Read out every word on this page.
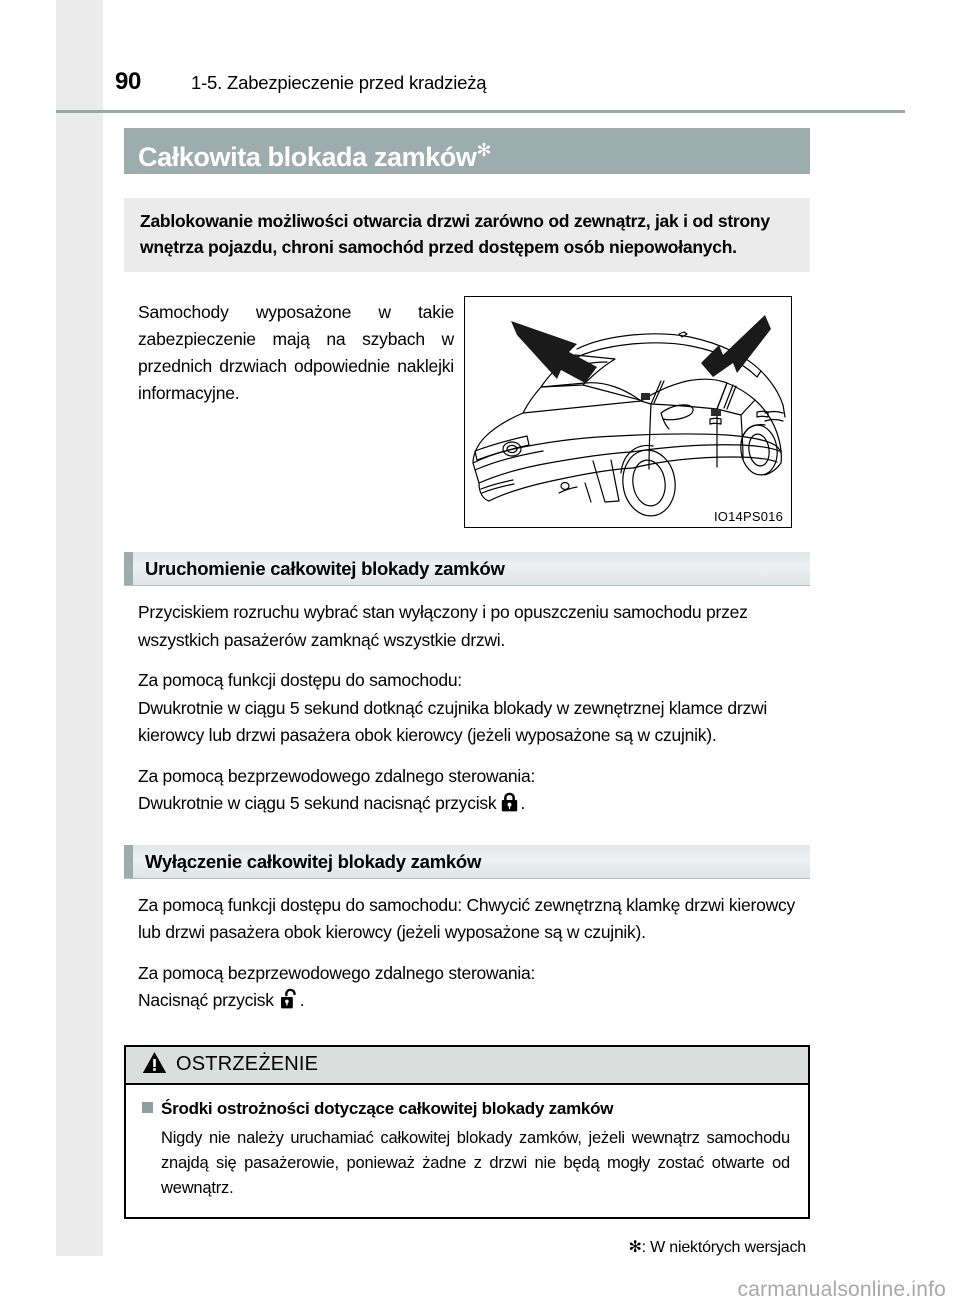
90	1-5. Zabezpieczenie przed kradzieżą
Całkowita blokada zamków✻
Zablokowanie możliwości otwarcia drzwi zarówno od zewnątrz, jak i od strony wnętrza pojazdu, chroni samochód przed dostępem osób niepowołanych.
Samochody wyposażone w takie zabezpieczenie mają na szybach w przednich drzwiach odpowiednie naklejki informacyjne.
IO14PS016
Uruchomienie całkowitej blokady zamków
Przyciskiem rozruchu wybrać stan wyłączony i po opuszczeniu samochodu przez wszystkich pasażerów zamknąć wszystkie drzwi.
Za pomocą funkcji dostępu do samochodu:
Dwukrotnie w ciągu 5 sekund dotknąć czujnika blokady w zewnętrznej klamce drzwi kierowcy lub drzwi pasażera obok kierowcy (jeżeli wyposażone są w czujnik).
Za pomocą bezprzewodowego zdalnego sterowania:
Dwukrotnie w ciągu 5 sekund nacisnąć przycisk .
Wyłączenie całkowitej blokady zamków
Za pomocą funkcji dostępu do samochodu: Chwycić zewnętrzną klamkę drzwi kierowcy lub drzwi pasażera obok kierowcy (jeżeli wyposażone są w czujnik).
Za pomocą bezprzewodowego zdalnego sterowania:
Nacisnąć przycisk .
OSTRZEŻENIE
Środki ostrożności dotyczące całkowitej blokady zamków
Nigdy nie należy uruchamiać całkowitej blokady zamków, jeżeli wewnątrz samochodu znajdą się pasażerowie, ponieważ żadne z drzwi nie będą mogły zostać otwarte od wewnątrz.
✻: W niektórych wersjach
carmanualsonline.info
